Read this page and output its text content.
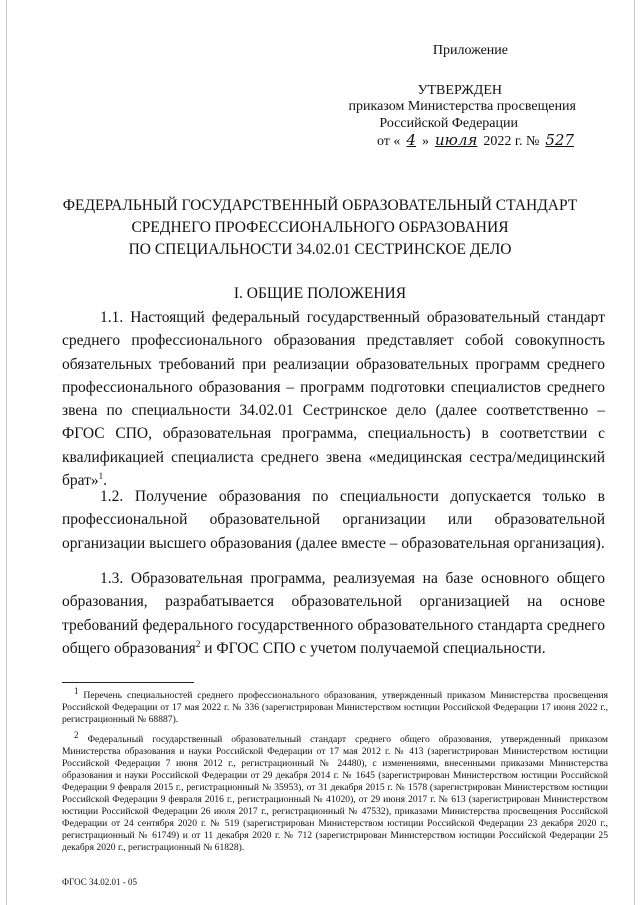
Приложение
УТВЕРЖДЕН
приказом Министерства просвещения
Российской Федерации
от « 4 » июля 2022 г. № 527
ФЕДЕРАЛЬНЫЙ ГОСУДАРСТВЕННЫЙ ОБРАЗОВАТЕЛЬНЫЙ СТАНДАРТ
СРЕДНЕГО ПРОФЕССИОНАЛЬНОГО ОБРАЗОВАНИЯ
ПО СПЕЦИАЛЬНОСТИ 34.02.01 СЕСТРИНСКОЕ ДЕЛО
I. ОБЩИЕ ПОЛОЖЕНИЯ
1.1. Настоящий федеральный государственный образовательный стандарт среднего профессионального образования представляет собой совокупность обязательных требований при реализации образовательных программ среднего профессионального образования – программ подготовки специалистов среднего звена по специальности 34.02.01 Сестринское дело (далее соответственно – ФГОС СПО, образовательная программа, специальность) в соответствии с квалификацией специалиста среднего звена «медицинская сестра/медицинский брат»$^1$.
1.2. Получение образования по специальности допускается только в профессиональной образовательной организации или образовательной организации высшего образования (далее вместе – образовательная организация).
1.3. Образовательная программа, реализуемая на базе основного общего образования, разрабатывается образовательной организацией на основе требований федерального государственного образовательного стандарта среднего общего образования$^2$ и ФГОС СПО с учетом получаемой специальности.
$^1$ Перечень специальностей среднего профессионального образования, утвержденный приказом Министерства просвещения Российской Федерации от 17 мая 2022 г. № 336 (зарегистрирован Министерством юстиции Российской Федерации 17 июня 2022 г., регистрационный № 68887).
$^2$ Федеральный государственный образовательный стандарт среднего общего образования, утвержденный приказом Министерства образования и науки Российской Федерации от 17 мая 2012 г. № 413 (зарегистрирован Министерством юстиции Российской Федерации 7 июня 2012 г., регистрационный № 24480), с изменениями, внесенными приказами Министерства образования и науки Российской Федерации от 29 декабря 2014 г. № 1645 (зарегистрирован Министерством юстиции Российской Федерации 9 февраля 2015 г., регистрационный № 35953), от 31 декабря 2015 г. № 1578 (зарегистрирован Министерством юстиции Российской Федерации 9 февраля 2016 г., регистрационный № 41020), от 29 июня 2017 г. № 613 (зарегистрирован Министерством юстиции Российской Федерации 26 июля 2017 г., регистрационный № 47532), приказами Министерства просвещения Российской Федерации от 24 сентября 2020 г. № 519 (зарегистрирован Министерством юстиции Российской Федерации 23 декабря 2020 г., регистрационный № 61749) и от 11 декабря 2020 г. № 712 (зарегистрирован Министерством юстиции Российской Федерации 25 декабря 2020 г., регистрационный № 61828).
ФГОС 34.02.01 - 05
